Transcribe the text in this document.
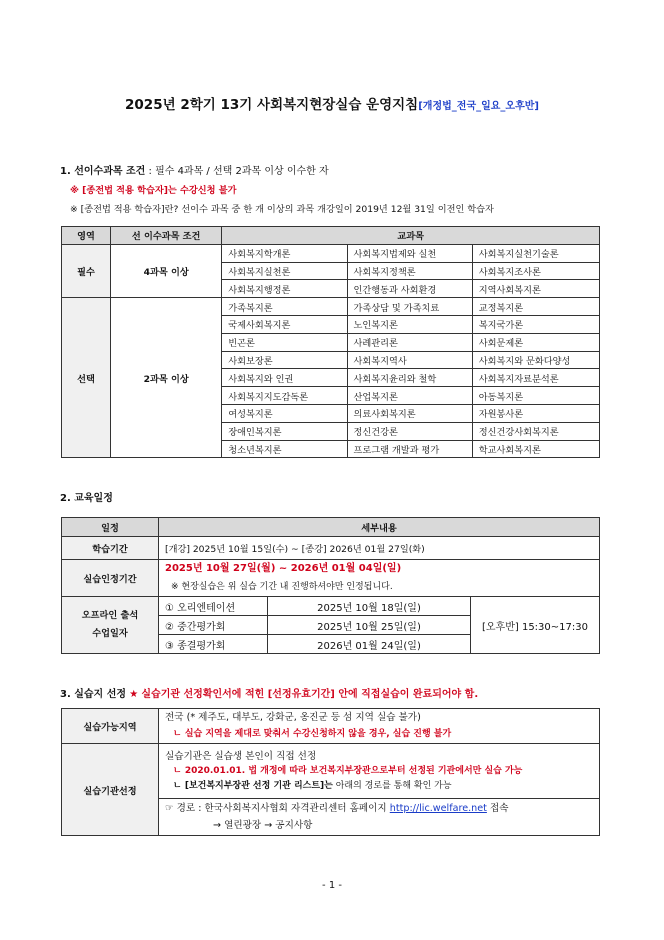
2025년 2학기 13기 사회복지현장실습 운영지침[개정법_전국_일요_오후반]
1. 선이수과목 조건 : 필수 4과목 / 선택 2과목 이상 이수한 자
※ [종전법 적용 학습자]는 수강신청 불가
※ [종전법 적용 학습자]란? 선이수 과목 중 한 개 이상의 과목 개강일이 2019년 12월 31일 이전인 학습자
영역	선 이수과목 조건	교과목		
필수	4과목 이상	사회복지학개론	사회복지법제와 실천	사회복지실천기술론
		사회복지실천론	사회복지정책론	사회복지조사론
		사회복지행정론	인간행동과 사회환경	지역사회복지론
선택	2과목 이상	가족복지론	가족상담 및 가족치료	교정복지론
		국제사회복지론	노인복지론	복지국가론
		빈곤론	사례관리론	사회문제론
		사회보장론	사회복지역사	사회복지와 문화다양성
		사회복지와 인권	사회복지윤리와 철학	사회복지자료분석론
		사회복지지도감독론	산업복지론	아동복지론
		여성복지론	의료사회복지론	자원봉사론
		장애인복지론	정신건강론	정신건강사회복지론
		청소년복지론	프로그램 개발과 평가	학교사회복지론
2. 교육일정
일정	세부내용		
학습기간	[개강] 2025년 10월 15일(수) ~ [종강] 2026년 01월 27일(화)		
실습인정기간	2025년 10월 27일(월) ~ 2026년 01월 04일(일)
※ 현장실습은 위 실습 기간 내 진행하셔야만 인정됩니다.		

오프라인 출석
수업일자	① 오리엔테이션	2025년 10월 18일(일)	[오후반] 15:30~17:30
	② 중간평가회	2025년 10월 25일(일)	
	③ 종결평가회	2026년 01월 24일(일)	
3. 실습지 선정 ★ 실습기관 선정확인서에 적힌 [선정유효기간] 안에 직접실습이 완료되어야 함.
실습가능지역	전국 (* 제주도, 대부도, 강화군, 옹진군 등 섬 지역 실습 불가)
ㄴ 실습 지역을 제대로 맞춰서 수강신청하지 않을 경우, 실습 진행 불가

실습기관선정	실습기관은 실습생 본인이 직접 선정
ㄴ 2020.01.01. 법 개정에 따라 보건복지부장관으로부터 선정된 기관에서만 실습 가능
ㄴ [보건복지부장관 선정 기관 리스트]는 아래의 경로를 통해 확인 가능

	☞ 경로 : 한국사회복지사협회 자격관리센터 홈페이지 http://lic.welfare.net 접속
→ 열린광장 → 공지사항
- 1 -
